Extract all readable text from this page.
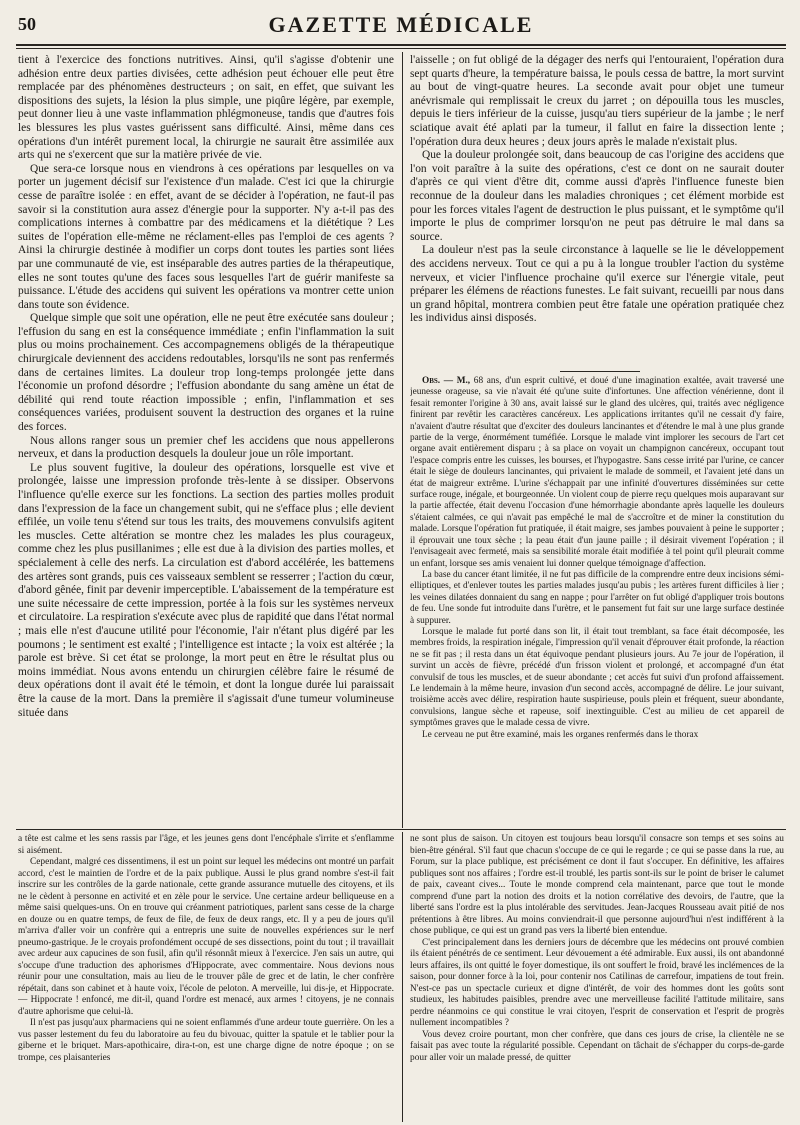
50	GAZETTE MÉDICALE

tient à l'exercice des fonctions nutritives. Ainsi, qu'il s'agisse d'obtenir une adhésion entre deux parties divisées, cette adhésion peut échouer elle peut être remplacée par des phénomènes destructeurs ; on sait, en effet, que suivant les dispositions des sujets, la lésion la plus simple, une piqûre légère, par exemple, peut donner lieu à une vaste inflammation phlégmoneuse, tandis que d'autres fois les blessures les plus vastes guérissent sans difficulté. Ainsi, même dans ces opérations d'un intérêt purement local, la chirurgie ne saurait être assimilée aux arts qui ne s'exercent que sur la matière privée de vie.

Que sera-ce lorsque nous en viendrons à ces opérations par lesquelles on va porter un jugement décisif sur l'existence d'un malade. C'est ici que la chirurgie cesse de paraître isolée : en effet, avant de se décider à l'opération, ne faut-il pas savoir si la constitution aura assez d'énergie pour la supporter. N'y a-t-il pas des complications internes à combattre par des médicamens et la diététique ? Les suites de l'opération elle-même ne réclament-elles pas l'emploi de ces agents ? Ainsi la chirurgie destinée à modifier un corps dont toutes les parties sont liées par une communauté de vie, est inséparable des autres parties de la thérapeutique, elles ne sont toutes qu'une des faces sous lesquelles l'art de guérir manifeste sa puissance. L'étude des accidens qui suivent les opérations va montrer cette union dans toute son évidence.

Quelque simple que soit une opération, elle ne peut être exécutée sans douleur ; l'effusion du sang en est la conséquence immédiate ; enfin l'inflammation la suit plus ou moins prochainement. Ces accompagnemens obligés de la thérapeutique chirurgicale deviennent des accidens redoutables, lorsqu'ils ne sont pas renfermés dans de certaines limites. La douleur trop long-temps prolongée jette dans l'économie un profond désordre ; l'effusion abondante du sang amène un état de débilité qui rend toute réaction impossible ; enfin, l'inflammation et ses conséquences variées, produisent souvent la destruction des organes et la ruine des forces.

Nous allons ranger sous un premier chef les accidens que nous appellerons nerveux, et dans la production desquels la douleur joue un rôle important.

Le plus souvent fugitive, la douleur des opérations, lorsquelle est vive et prolongée, laisse une impression profonde très-lente à se dissiper. Observons l'influence qu'elle exerce sur les fonctions. La section des parties molles produit dans l'expression de la face un changement subit, qui ne s'efface plus ; elle devient effilée, un voile tenu s'étend sur tous les traits, des mouvemens convulsifs agitent les muscles. Cette altération se montre chez les malades les plus courageux, comme chez les plus pusillanimes ; elle est due à la division des parties molles, et spécialement à celle des nerfs. La circulation est d'abord accélérée, les battemens des artères sont grands, puis ces vaisseaux semblent se resserrer ; l'action du cœur, d'abord gênée, finit par devenir imperceptible. L'abaissement de la température est une suite nécessaire de cette impression, portée à la fois sur les systèmes nerveux et circulatoire. La respiration s'exécute avec plus de rapidité que dans l'état normal ; mais elle n'est d'aucune utilité pour l'économie, l'air n'étant plus digéré par les poumons ; le sentiment est exalté ; l'intelligence est intacte ; la voix est altérée ; la parole est brève. Si cet état se prolonge, la mort peut en être le résultat plus ou moins immédiat. Nous avons entendu un chirurgien célèbre faire le résumé de deux opérations dont il avait été le témoin, et dont la longue durée lui paraissait être la cause de la mort. Dans la première il s'agissait d'une tumeur volumineuse située dans

l'aisselle ; on fut obligé de la dégager des nerfs qui l'entouraient, l'opération dura sept quarts d'heure, la température baissa, le pouls cessa de battre, la mort survint au bout de vingt-quatre heures. La seconde avait pour objet une tumeur anévrismale qui remplissait le creux du jarret ; on dépouilla tous les muscles, depuis le tiers inférieur de la cuisse, jusqu'au tiers supérieur de la jambe ; le nerf sciatique avait été aplati par la tumeur, il fallut en faire la dissection lente ; l'opération dura deux heures ; deux jours après le malade n'existait plus.

Que la douleur prolongée soit, dans beaucoup de cas l'origine des accidens que l'on voit paraître à la suite des opérations, c'est ce dont on ne saurait douter d'après ce qui vient d'être dit, comme aussi d'après l'influence funeste bien reconnue de la douleur dans les maladies chroniques ; cet élément morbide est pour les forces vitales l'agent de destruction le plus puissant, et le symptôme qu'il importe le plus de comprimer lorsqu'on ne peut pas détruire le mal dans sa source.

La douleur n'est pas la seule circonstance à laquelle se lie le développement des accidens nerveux. Tout ce qui a pu à la longue troubler l'action du système nerveux, et vicier l'influence prochaine qu'il exerce sur l'énergie vitale, peut préparer les élémens de réactions funestes. Le fait suivant, recueilli par nous dans un grand hôpital, montrera combien peut être fatale une opération pratiquée chez les individus ainsi disposés.

Obs. — M., 68 ans, d'un esprit cultivé, et doué d'une imagination exaltée, avait traversé une jeunesse orageuse, sa vie n'avait été qu'une suite d'infortunes. Une affection vénérienne, dont il fesait remonter l'origine à 30 ans, avait laissé sur le gland des ulcères, qui, traités avec négligence finirent par revêtir les caractères cancéreux. Les applications irritantes qu'il ne cessait d'y faire, n'avaient d'autre résultat que d'exciter des douleurs lancinantes et d'étendre le mal à une plus grande partie de la verge, énormément tuméfiée. Lorsque le malade vint implorer les secours de l'art cet organe avait entièrement disparu ; à sa place on voyait un champignon cancéreux, occupant tout l'espace compris entre les cuisses, les bourses, et l'hypogastre. Sans cesse irrité par l'urine, ce cancer était le siège de douleurs lancinantes, qui privaient le malade de sommeil, et l'avaient jeté dans un état de maigreur extrême. L'urine s'échappait par une infinité d'ouvertures disséminées sur cette surface rouge, inégale, et bourgeonnée. Un violent coup de pierre reçu quelques mois auparavant sur la partie affectée, était devenu l'occasion d'une hémorrhagie abondante après laquelle les douleurs s'étaient calmées, ce qui n'avait pas empêché le mal de s'accroître et de miner la constitution du malade. Lorsque l'opération fut pratiquée, il était maigre, ses jambes pouvaient à peine le supporter ; il éprouvait une toux sèche ; la peau était d'un jaune paille ; il désirait vivement l'opération ; il l'envisageait avec fermeté, mais sa sensibilité morale était modifiée à tel point qu'il pleurait comme un enfant, lorsque ses amis venaient lui donner quelque témoignage d'affection.

La base du cancer étant limitée, il ne fut pas difficile de la comprendre entre deux incisions sémi-elliptiques, et d'enlever toutes les parties malades jusqu'au pubis ; les artères furent difficiles à lier ; les veines dilatées donnaient du sang en nappe ; pour l'arrêter on fut obligé d'appliquer trois boutons de feu. Une sonde fut introduite dans l'urètre, et le pansement fut fait sur une large surface destinée à suppurer.

Lorsque le malade fut porté dans son lit, il était tout tremblant, sa face était décomposée, les membres froids, la respiration inégale, l'impression qu'il venait d'éprouver était profonde, la réaction ne se fit pas ; il resta dans un état équivoque pendant plusieurs jours. Au 7e jour de l'opération, il survint un accès de fièvre, précédé d'un frisson violent et prolongé, et accompagné d'un état convulsif de tous les muscles, et de sueur abondante ; cet accès fut suivi d'un profond affaissement. Le lendemain à la même heure, invasion d'un second accès, accompagné de délire. Le jour suivant, troisième accès avec délire, respiration haute suspirieuse, pouls plein et fréquent, sueur abondante, convulsions, langue sèche et rapeuse, soif inextinguible. C'est au milieu de cet appareil de symptômes graves que le malade cessa de vivre.

Le cerveau ne put être examiné, mais les organes renfermés dans le thorax

a tête est calme et les sens rassis par l'âge, et les jeunes gens dont l'encéphale s'irrite et s'enflamme si aisément.

Cependant, malgré ces dissentimens, il est un point sur lequel les médecins ont montré un parfait accord, c'est le maintien de l'ordre et de la paix publique. Aussi le plus grand nombre s'est-il fait inscrire sur les contrôles de la garde nationale, cette grande assurance mutuelle des citoyens, et ils ne le cèdent à personne en activité et en zèle pour le service. Une certaine ardeur belliqueuse en a même saisi quelques-uns. On en trouve qui créanment patriotiques, parlent sans cesse de la charge en douze ou en quatre temps, de feux de file, de feux de deux rangs, etc. Il y a peu de jours qu'il m'arriva d'aller voir un confrère qui a entrepris une suite de nouvelles expériences sur le nerf pneumo-gastrique. Je le croyais profondément occupé de ses dissections, point du tout ; il travaillait avec ardeur aux capucines de son fusil, afin qu'il résonnât mieux à l'exercice. J'en sais un autre, qui s'occupe d'une traduction des aphorismes d'Hippocrate, avec commentaire. Nous devions nous réunir pour une consultation, mais au lieu de le trouver pâle de grec et de latin, le cher confrère répétait, dans son cabinet et à haute voix, l'école de peloton. A merveille, lui dis-je, et Hippocrate. — Hippocrate ! enfoncé, me dit-il, quand l'ordre est menacé, aux armes ! citoyens, je ne connais d'autre aphorisme que celui-là.

Il n'est pas jusqu'aux pharmaciens qui ne soient enflammés d'une ardeur toute guerrière. On les a vus passer lestement du feu du laboratoire au feu du bivouac, quitter la spatule et le tablier pour la giberne et le briquet. Mars-apothicaire, dira-t-on, est une charge digne de notre époque ; on se trompe, ces plaisanteries

ne sont plus de saison. Un citoyen est toujours beau lorsqu'il consacre son temps et ses soins au bien-être général. S'il faut que chacun s'occupe de ce qui le regarde ; ce qui se passe dans la rue, au Forum, sur la place publique, est précisément ce dont il faut s'occuper. En définitive, les affaires publiques sont nos affaires ; l'ordre est-il troublé, les partis sont-ils sur le point de briser le calumet de paix, caveant cives... Toute le monde comprend cela maintenant, parce que tout le monde comprend d'une part la notion des droits et la notion corrélative des devoirs, de l'autre, que la liberté sans l'ordre est la plus intolérable des servitudes. Jean-Jacques Rousseau avait pitié de nos prétentions à être libres. Au moins conviendrait-il que personne aujourd'hui n'est indifférent à la chose publique, ce qui est un grand pas vers la liberté bien entendue.

C'est principalement dans les derniers jours de décembre que les médecins ont prouvé combien ils étaient pénétrés de ce sentiment. Leur dévouement a été admirable. Eux aussi, ils ont abandonné leurs affaires, ils ont quitté le foyer domestique, ils ont souffert le froid, bravé les inclémences de la saison, pour donner force à la loi, pour contenir nos Catilinas de carrefour, impatiens de tout frein. N'est-ce pas un spectacle curieux et digne d'intérêt, de voir des hommes dont les goûts sont studieux, les habitudes paisibles, prendre avec une merveilleuse facilité l'attitude militaire, sans perdre néanmoins ce qui constitue le vrai citoyen, l'esprit de conservation et l'esprit de progrès nullement incompatibles ?

Vous devez croire pourtant, mon cher confrère, que dans ces jours de crise, la clientèle ne se faisait pas avec toute la régularité possible. Cependant on tâchait de s'échapper du corps-de-garde pour aller voir un malade pressé, de quitter
